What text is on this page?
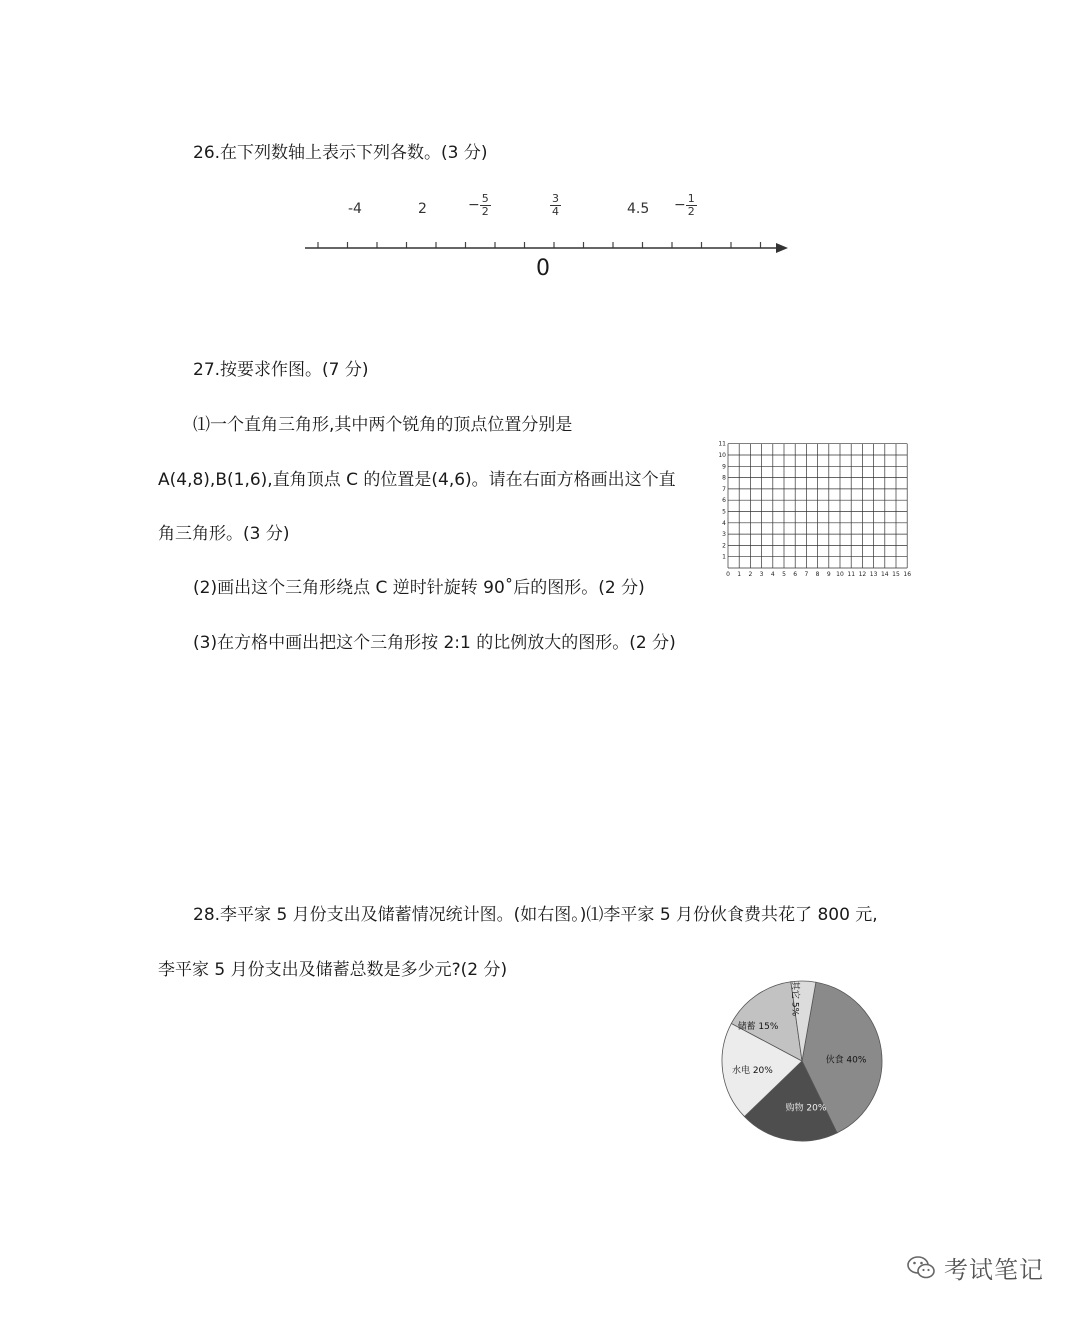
26.在下列数轴上表示下列各数。(3 分)
-4	2	− $\frac{5}{2}$	$\frac{3}{4}$	$4.5 - \frac{1}{2}$
0
27.按要求作图。(7 分)
⑴一个直角三角形,其中两个锐角的顶点位置分别是
A(4,8),B(1,6),直角顶点 C 的位置是(4,6)。请在右面方格画出这个直
角三角形。(3 分)
(2)画出这个三角形绕点 C 逆时针旋转 90˚后的图形。(2 分)
(3)在方格中画出把这个三角形按 2:1 的比例放大的图形。(2 分)
0 1 2 3 4 5 6 7 8 9 10 11 12 13 14 15 16
1
2
3
4
5
6
7
8
9
10
11
28.李平家 5 月份支出及储蓄情况统计图。(如右图。)⑴李平家 5 月份伙食费共花了 800 元,
李平家 5 月份支出及储蓄总数是多少元?(2 分)
伙食 40%
购物 20%
水电 20%
储蓄 15%
其它 5%
考试笔记
